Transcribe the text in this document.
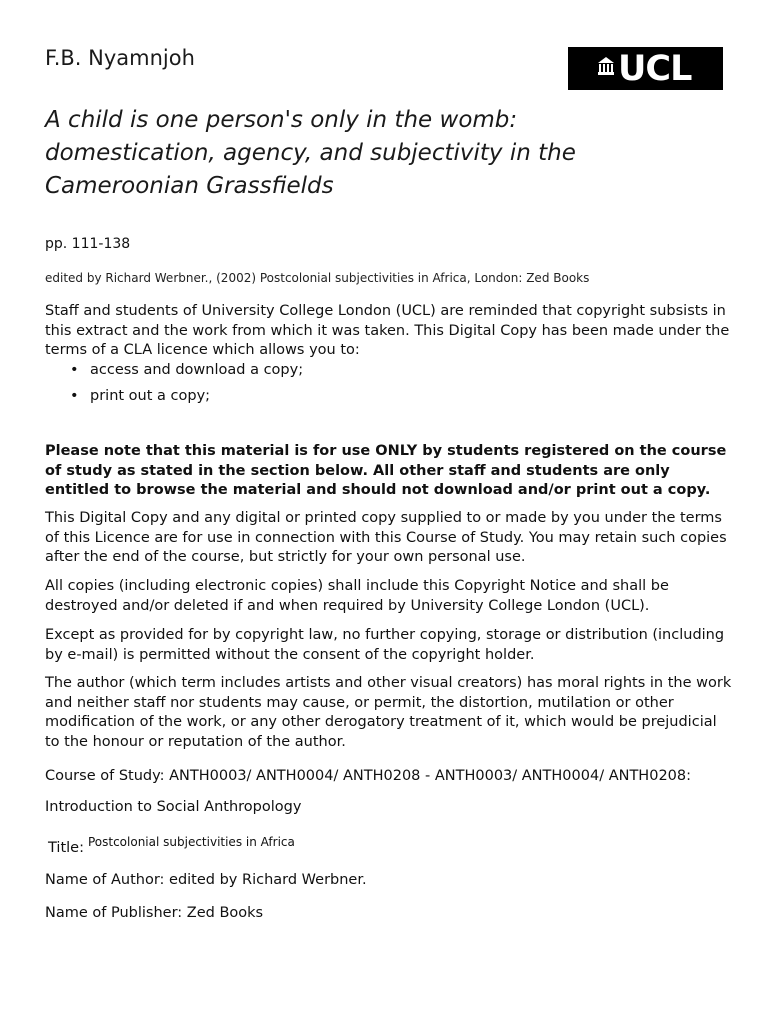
F.B. Nyamnjoh	UCL
A child is one person's only in the womb: domestication, agency, and subjectivity in the Cameroonian Grassfields
pp. 111-138
edited by Richard Werbner., (2002) Postcolonial subjectivities in Africa, London: Zed Books
Staff and students of University College London (UCL) are reminded that copyright subsists in this extract and the work from which it was taken. This Digital Copy has been made under the terms of a CLA licence which allows you to:
• access and download a copy;
• print out a copy;
Please note that this material is for use ONLY by students registered on the course of study as stated in the section below. All other staff and students are only entitled to browse the material and should not download and/or print out a copy.
This Digital Copy and any digital or printed copy supplied to or made by you under the terms of this Licence are for use in connection with this Course of Study. You may retain such copies after the end of the course, but strictly for your own personal use.
All copies (including electronic copies) shall include this Copyright Notice and shall be destroyed and/or deleted if and when required by University College London (UCL).
Except as provided for by copyright law, no further copying, storage or distribution (including by e-mail) is permitted without the consent of the copyright holder.
The author (which term includes artists and other visual creators) has moral rights in the work and neither staff nor students may cause, or permit, the distortion, mutilation or other modification of the work, or any other derogatory treatment of it, which would be prejudicial to the honour or reputation of the author.
Course of Study: ANTH0003/ ANTH0004/ ANTH0208 - ANTH0003/ ANTH0004/ ANTH0208:
Introduction to Social Anthropology
Title: $^{Postcolonial subjectivities in Africa}$
Name of Author: edited by Richard Werbner.
Name of Publisher: Zed Books
